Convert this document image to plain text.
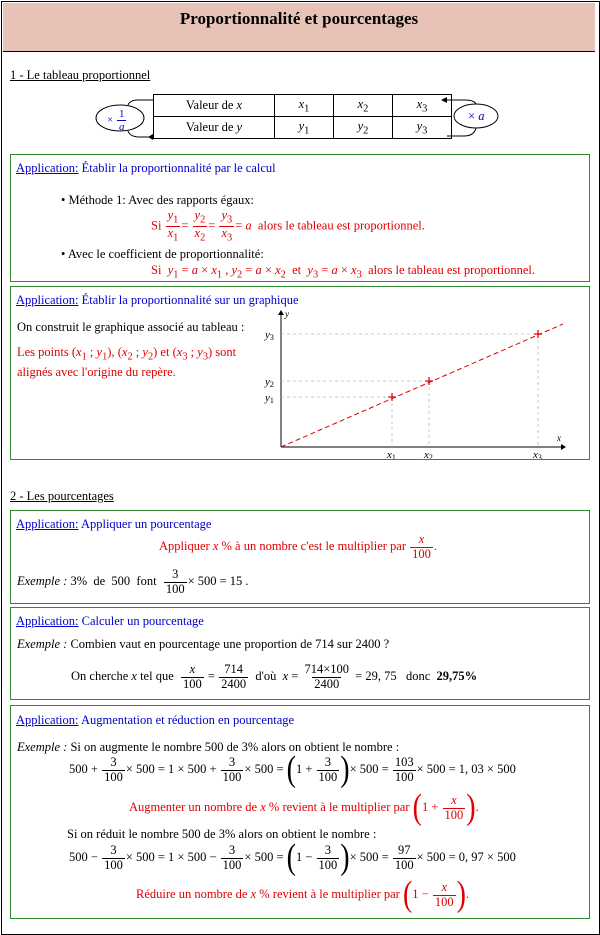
Proportionnalité et pourcentages
1 - Le tableau proportionnel
Valeur de x	$x_1$	$x_2$	$x_3$
Valeur de y	$y_1$	$y_2$	$y_3$
× $\frac{1}{a}$	× a
Application: Établir la proportionnalité par le calcul
• Méthode 1: Avec des rapports égaux:
Si $\frac{y_1}{x_1} = \frac{y_2}{x_2} = \frac{y_3}{x_3} = a$  alors le tableau est proportionnel.
• Avec le coefficient de proportionnalité:
Si  $y_1 = a \times x_1$ , $y_2 = a \times x_2$  et  $y_3 = a \times x_3$  alors le tableau est proportionnel.
Application: Établir la proportionnalité sur un graphique
On construit le graphique associé au tableau :
Les points ($x_1$ ; $y_1$), ($x_2$ ; $y_2$) et ($x_3$ ; $y_3$) sont alignés avec l'origine du repère.
x
y
y1
y2
y3
x1	x2	x3
2 - Les pourcentages
Application: Appliquer un pourcentage
Appliquer x % à un nombre c'est le multiplier par $\frac{x}{100}$ .
Exemple : 3%  de  500  font $\frac{3}{100} \times 500 = 15$ .
Application: Calculer un pourcentage
Exemple : Combien vaut en pourcentage une proportion de 714 sur 2400 ?
On cherche x tel que $\frac{x}{100} = \frac{714}{2400}$ d'où  $x = \frac{714\times 100}{2400} = 29$, 75   donc  29,75%
Application: Augmentation et réduction en pourcentage
Exemple : Si on augmente le nombre 500 de 3% alors on obtient le nombre :
$500 + \frac{3}{100} \times 500 = 1 \times 500 + \frac{3}{100} \times 500 = (1 + \frac{3}{100}$ )× $500 = \frac{103}{100} \times 500 = 1$, 03 × 500
Augmenter un nombre de x % revient à le multiplier par ($1 + \frac{x}{100}$ ).
Si on réduit le nombre 500 de 3% alors on obtient le nombre :
$500 - \frac{3}{100} \times 500 = 1 \times 500 - \frac{3}{100} \times 500 = (1 - \frac{3}{100}$ )× $500 = \frac{97}{100} \times 500 = 0$, 97 × 500
Réduire un nombre de x % revient à le multiplier par ($1 - \frac{x}{100}$ ).
